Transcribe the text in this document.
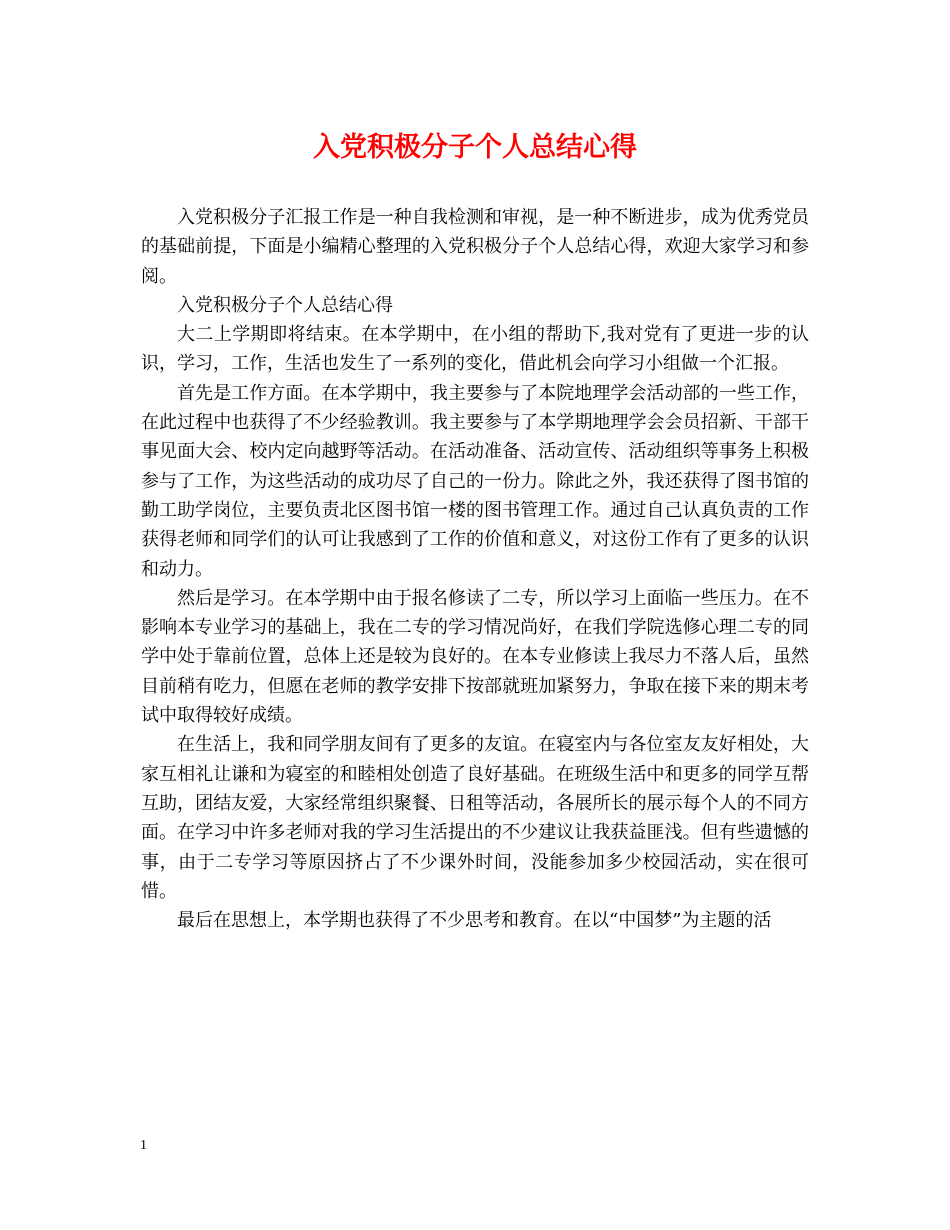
入党积极分子个人总结心得

入党积极分子汇报工作是一种自我检测和审视，是一种不断进步，成为优秀党员的基础前提，下面是小编精心整理的入党积极分子个人总结心得，欢迎大家学习和参阅。

入党积极分子个人总结心得

大二上学期即将结束。在本学期中，在小组的帮助下,我对党有了更进一步的认识，学习，工作，生活也发生了一系列的变化，借此机会向学习小组做一个汇报。

首先是工作方面。在本学期中，我主要参与了本院地理学会活动部的一些工作，在此过程中也获得了不少经验教训。我主要参与了本学期地理学会会员招新、干部干事见面大会、校内定向越野等活动。在活动准备、活动宣传、活动组织等事务上积极参与了工作，为这些活动的成功尽了自己的一份力。除此之外，我还获得了图书馆的勤工助学岗位，主要负责北区图书馆一楼的图书管理工作。通过自己认真负责的工作获得老师和同学们的认可让我感到了工作的价值和意义，对这份工作有了更多的认识和动力。

然后是学习。在本学期中由于报名修读了二专，所以学习上面临一些压力。在不影响本专业学习的基础上，我在二专的学习情况尚好，在我们学院选修心理二专的同学中处于靠前位置，总体上还是较为良好的。在本专业修读上我尽力不落人后，虽然目前稍有吃力，但愿在老师的教学安排下按部就班加紧努力，争取在接下来的期末考试中取得较好成绩。

在生活上，我和同学朋友间有了更多的友谊。在寝室内与各位室友友好相处，大家互相礼让谦和为寝室的和睦相处创造了良好基础。在班级生活中和更多的同学互帮互助，团结友爱，大家经常组织聚餐、日租等活动，各展所长的展示每个人的不同方面。在学习中许多老师对我的学习生活提出的不少建议让我获益匪浅。但有些遗憾的事，由于二专学习等原因挤占了不少课外时间，没能参加多少校园活动，实在很可惜。

最后在思想上，本学期也获得了不少思考和教育。在以“中国梦”为主题的活

1
